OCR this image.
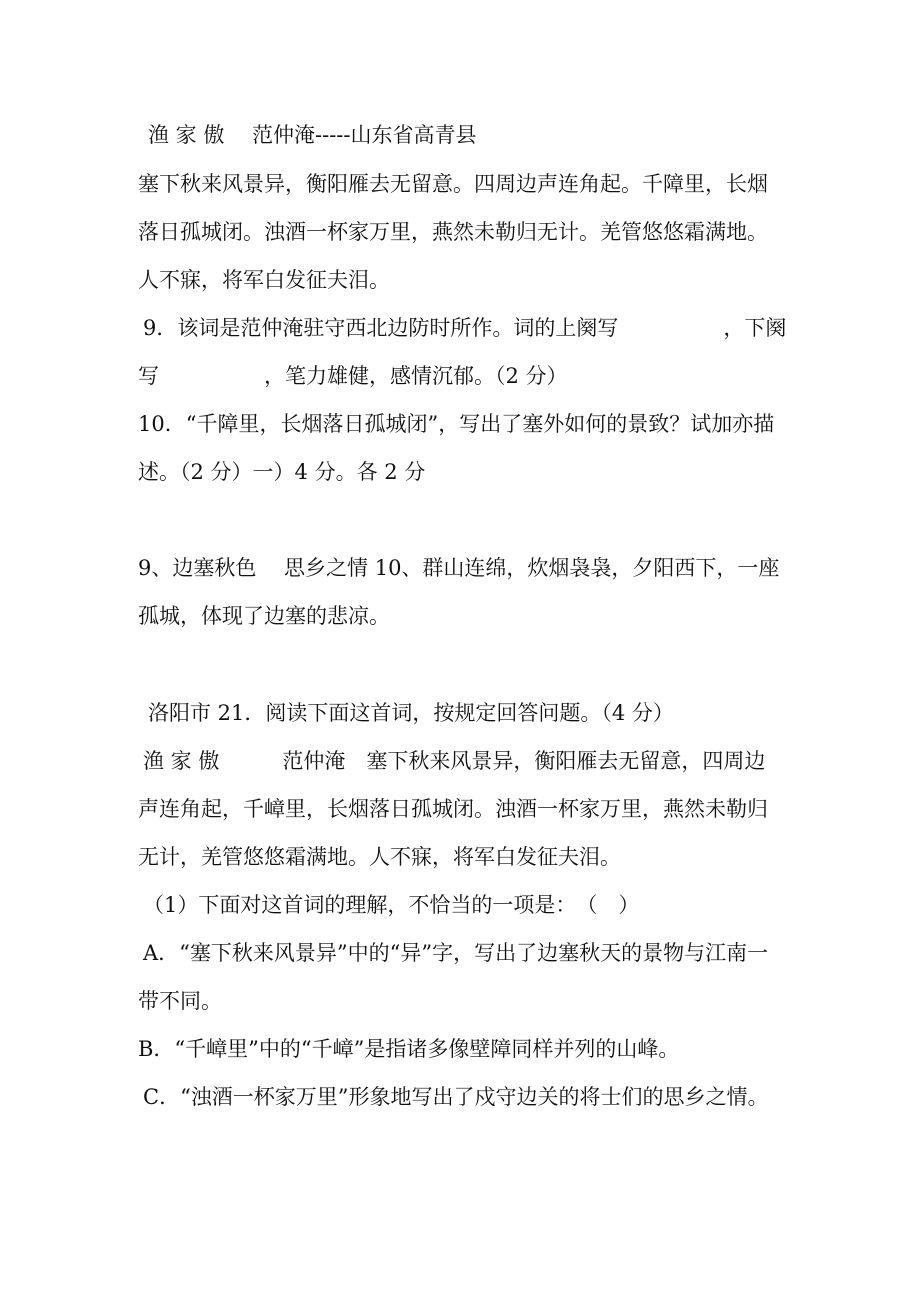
渔 家 傲 　范仲淹-----山东省高青县
塞下秋来风景异，衡阳雁去无留意。四周边声连角起。千障里，长烟
落日孤城闭。浊酒一杯家万里，燕然未勒归无计。羌管悠悠霜满地。
人不寐，将军白发征夫泪。
9．该词是范仲淹驻守西北边防时所作。词的上阕写　　　　　，下阕
写　　　　　，笔力雄健，感情沉郁。（2 分）
10．“千障里，长烟落日孤城闭”，写出了塞外如何的景致？试加亦描
述。（2 分）一）4 分。各 2 分
9、边塞秋色　 思乡之情 10、群山连绵，炊烟袅袅，夕阳西下，一座
孤城，体现了边塞的悲凉。
洛阳市 21．阅读下面这首词，按规定回答问题。（4 分）
渔 家 傲　　　范仲淹　塞下秋来风景异，衡阳雁去无留意，四周边
声连角起，千嶂里，长烟落日孤城闭。浊酒一杯家万里，燕然未勒归
无计，羌管悠悠霜满地。人不寐，将军白发征夫泪。
（1）下面对这首词的理解，不恰当的一项是：　（　）
A．“塞下秋来风景异”中的“异”字，写出了边塞秋天的景物与江南一
带不同。
B．“千嶂里”中的“千嶂”是指诸多像壁障同样并列的山峰。
C．“浊酒一杯家万里”形象地写出了戍守边关的将士们的思乡之情。
